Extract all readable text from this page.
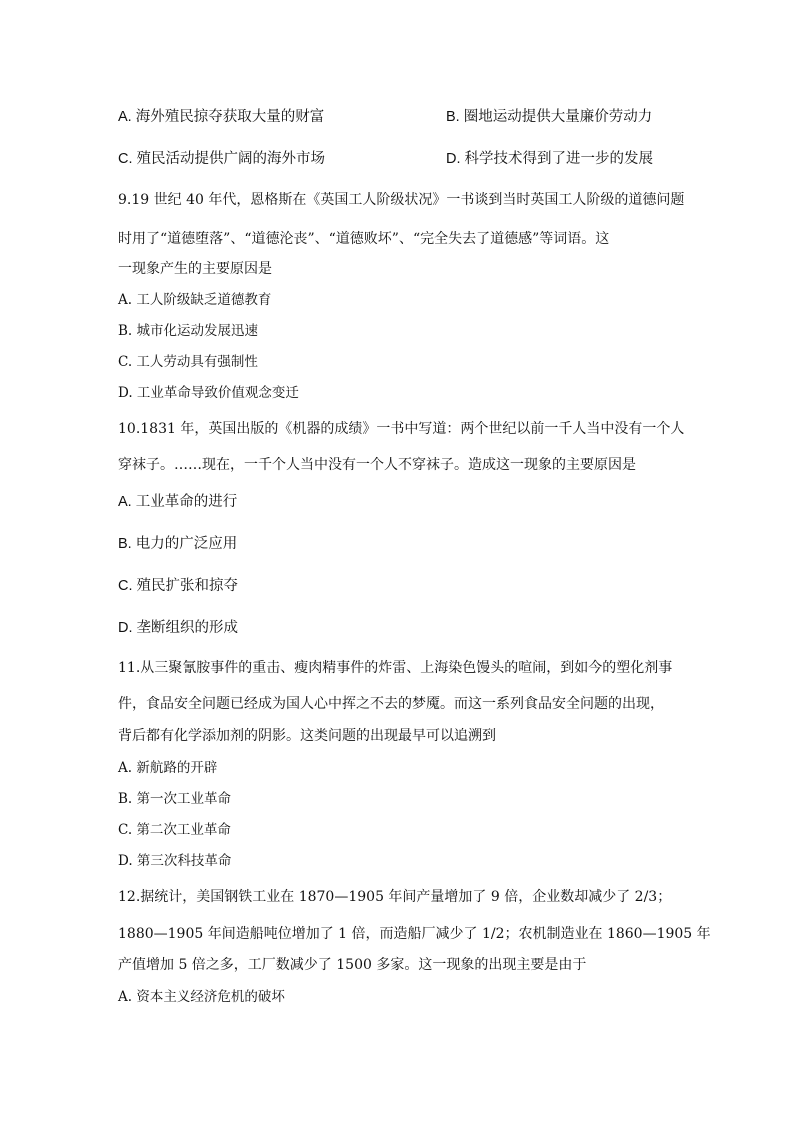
A. 海外殖民掠夺获取大量的财富	B. 圈地运动提供大量廉价劳动力
C. 殖民活动提供广阔的海外市场	D. 科学技术得到了进一步的发展
9.19 世纪 40 年代，恩格斯在《英国工人阶级状况》一书谈到当时英国工人阶级的道德问题
时用了“道德堕落”、“道德沦丧”、“道德败坏”、“完全失去了道德感”等词语。这
一现象产生的主要原因是
A. 工人阶级缺乏道德教育
B. 城市化运动发展迅速
C. 工人劳动具有强制性
D. 工业革命导致价值观念变迁
10.1831 年，英国出版的《机器的成绩》一书中写道：两个世纪以前一千人当中没有一个人
穿袜子。……现在，一千个人当中没有一个人不穿袜子。造成这一现象的主要原因是
A. 工业革命的进行
B. 电力的广泛应用
C. 殖民扩张和掠夺
D. 垄断组织的形成
11.从三聚氰胺事件的重击、瘦肉精事件的炸雷、上海染色馒头的喧闹，到如今的塑化剂事
件，食品安全问题已经成为国人心中挥之不去的梦魇。而这一系列食品安全问题的出现，
背后都有化学添加剂的阴影。这类问题的出现最早可以追溯到
A. 新航路的开辟
B. 第一次工业革命
C. 第二次工业革命
D. 第三次科技革命
12.据统计，美国钢铁工业在 1870—1905 年间产量增加了 9 倍，企业数却减少了 2/3；
1880—1905 年间造船吨位增加了 1 倍，而造船厂减少了 1/2；农机制造业在 1860—1905 年
产值增加 5 倍之多，工厂数减少了 1500 多家。这一现象的出现主要是由于
A. 资本主义经济危机的破坏
